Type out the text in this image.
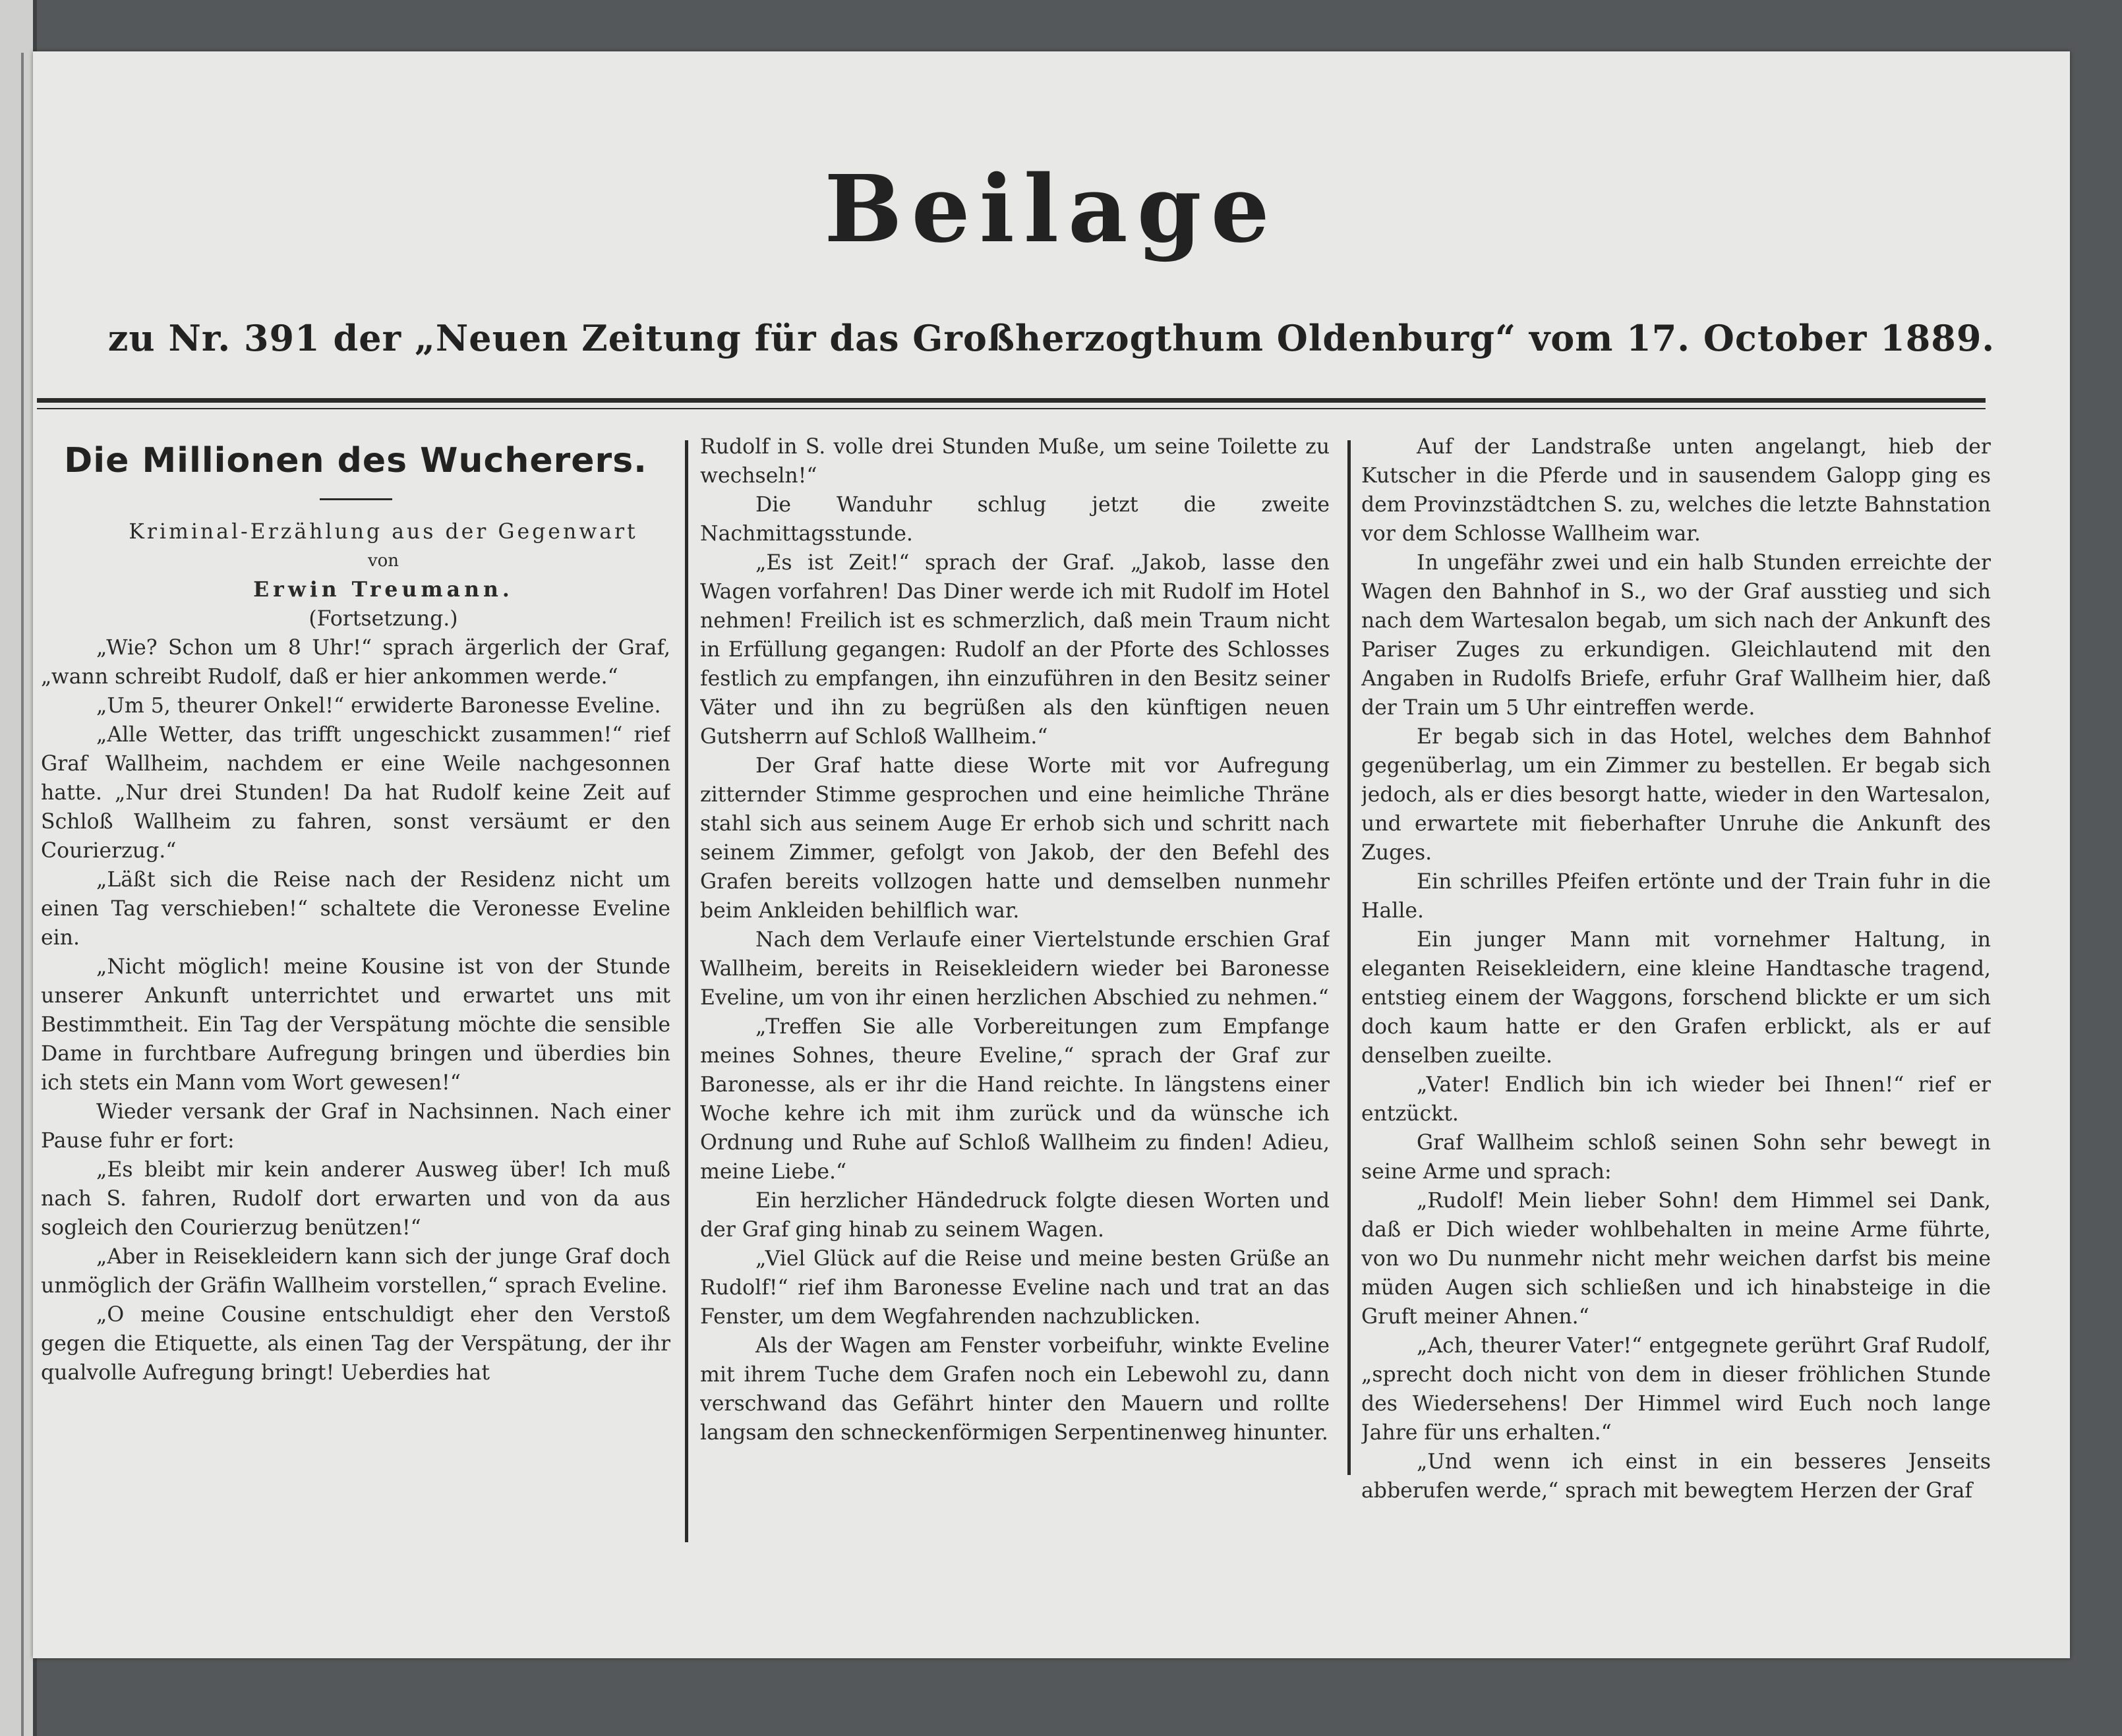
Beilage
zu Nr. 391 der „Neuen Zeitung für das Großherzogthum Oldenburg“ vom 17. October 1889.
Die Millionen des Wucherers.

Kriminal-Erzählung aus der Gegenwart

von

Erwin Treumann.

(Fortsetzung.)

„Wie? Schon um 8 Uhr!“ sprach ärgerlich der Graf, „wann schreibt Rudolf, daß er hier ankommen werde.“

„Um 5, theurer Onkel!“ erwiderte Baronesse Eveline.

„Alle Wetter, das trifft ungeschickt zusammen!“ rief Graf Wallheim, nachdem er eine Weile nachgesonnen hatte. „Nur drei Stunden! Da hat Rudolf keine Zeit auf Schloß Wallheim zu fahren, sonst versäumt er den Courierzug.“

„Läßt sich die Reise nach der Residenz nicht um einen Tag verschieben!“ schaltete die Veronesse Eveline ein.

„Nicht möglich! meine Kousine ist von der Stunde unserer Ankunft unterrichtet und erwartet uns mit Bestimmtheit. Ein Tag der Verspätung möchte die sensible Dame in furchtbare Aufregung bringen und überdies bin ich stets ein Mann vom Wort gewesen!“

Wieder versank der Graf in Nachsinnen. Nach einer Pause fuhr er fort:

„Es bleibt mir kein anderer Ausweg über! Ich muß nach S. fahren, Rudolf dort erwarten und von da aus sogleich den Courierzug benützen!“

„Aber in Reisekleidern kann sich der junge Graf doch unmöglich der Gräfin Wallheim vorstellen,“ sprach Eveline.

„O meine Cousine entschuldigt eher den Verstoß gegen die Etiquette, als einen Tag der Verspätung, der ihr qualvolle Aufregung bringt! Ueberdies hat

Rudolf in S. volle drei Stunden Muße, um seine Toilette zu wechseln!“

Die Wanduhr schlug jetzt die zweite Nachmittagsstunde.

„Es ist Zeit!“ sprach der Graf. „Jakob, lasse den Wagen vorfahren! Das Diner werde ich mit Rudolf im Hotel nehmen! Freilich ist es schmerzlich, daß mein Traum nicht in Erfüllung gegangen: Rudolf an der Pforte des Schlosses festlich zu empfangen, ihn einzuführen in den Besitz seiner Väter und ihn zu begrüßen als den künftigen neuen Gutsherrn auf Schloß Wallheim.“

Der Graf hatte diese Worte mit vor Aufregung zitternder Stimme gesprochen und eine heimliche Thräne stahl sich aus seinem Auge Er erhob sich und schritt nach seinem Zimmer, gefolgt von Jakob, der den Befehl des Grafen bereits vollzogen hatte und demselben nunmehr beim Ankleiden behilflich war.

Nach dem Verlaufe einer Viertelstunde erschien Graf Wallheim, bereits in Reisekleidern wieder bei Baronesse Eveline, um von ihr einen herzlichen Abschied zu nehmen.“

„Treffen Sie alle Vorbereitungen zum Empfange meines Sohnes, theure Eveline,“ sprach der Graf zur Baronesse, als er ihr die Hand reichte. In längstens einer Woche kehre ich mit ihm zurück und da wünsche ich Ordnung und Ruhe auf Schloß Wallheim zu finden! Adieu, meine Liebe.“

Ein herzlicher Händedruck folgte diesen Worten und der Graf ging hinab zu seinem Wagen.

„Viel Glück auf die Reise und meine besten Grüße an Rudolf!“ rief ihm Baronesse Eveline nach und trat an das Fenster, um dem Wegfahrenden nachzublicken.

Als der Wagen am Fenster vorbeifuhr, winkte Eveline mit ihrem Tuche dem Grafen noch ein Lebewohl zu, dann verschwand das Gefährt hinter den Mauern und rollte langsam den schneckenförmigen Serpentinenweg hinunter.

Auf der Landstraße unten angelangt, hieb der Kutscher in die Pferde und in sausendem Galopp ging es dem Provinzstädtchen S. zu, welches die letzte Bahnstation vor dem Schlosse Wallheim war.

In ungefähr zwei und ein halb Stunden erreichte der Wagen den Bahnhof in S., wo der Graf ausstieg und sich nach dem Wartesalon begab, um sich nach der Ankunft des Pariser Zuges zu erkundigen. Gleichlautend mit den Angaben in Rudolfs Briefe, erfuhr Graf Wallheim hier, daß der Train um 5 Uhr eintreffen werde.

Er begab sich in das Hotel, welches dem Bahnhof gegenüberlag, um ein Zimmer zu bestellen. Er begab sich jedoch, als er dies besorgt hatte, wieder in den Wartesalon, und erwartete mit fieberhafter Unruhe die Ankunft des Zuges.

Ein schrilles Pfeifen ertönte und der Train fuhr in die Halle.

Ein junger Mann mit vornehmer Haltung, in eleganten Reisekleidern, eine kleine Handtasche tragend, entstieg einem der Waggons, forschend blickte er um sich doch kaum hatte er den Grafen erblickt, als er auf denselben zueilte.

„Vater! Endlich bin ich wieder bei Ihnen!“ rief er entzückt.

Graf Wallheim schloß seinen Sohn sehr bewegt in seine Arme und sprach:

„Rudolf! Mein lieber Sohn! dem Himmel sei Dank, daß er Dich wieder wohlbehalten in meine Arme führte, von wo Du nunmehr nicht mehr weichen darfst bis meine müden Augen sich schließen und ich hinabsteige in die Gruft meiner Ahnen.“

„Ach, theurer Vater!“ entgegnete gerührt Graf Rudolf, „sprecht doch nicht von dem in dieser fröhlichen Stunde des Wiedersehens! Der Himmel wird Euch noch lange Jahre für uns erhalten.“

„Und wenn ich einst in ein besseres Jenseits abberufen werde,“ sprach mit bewegtem Herzen der Graf
